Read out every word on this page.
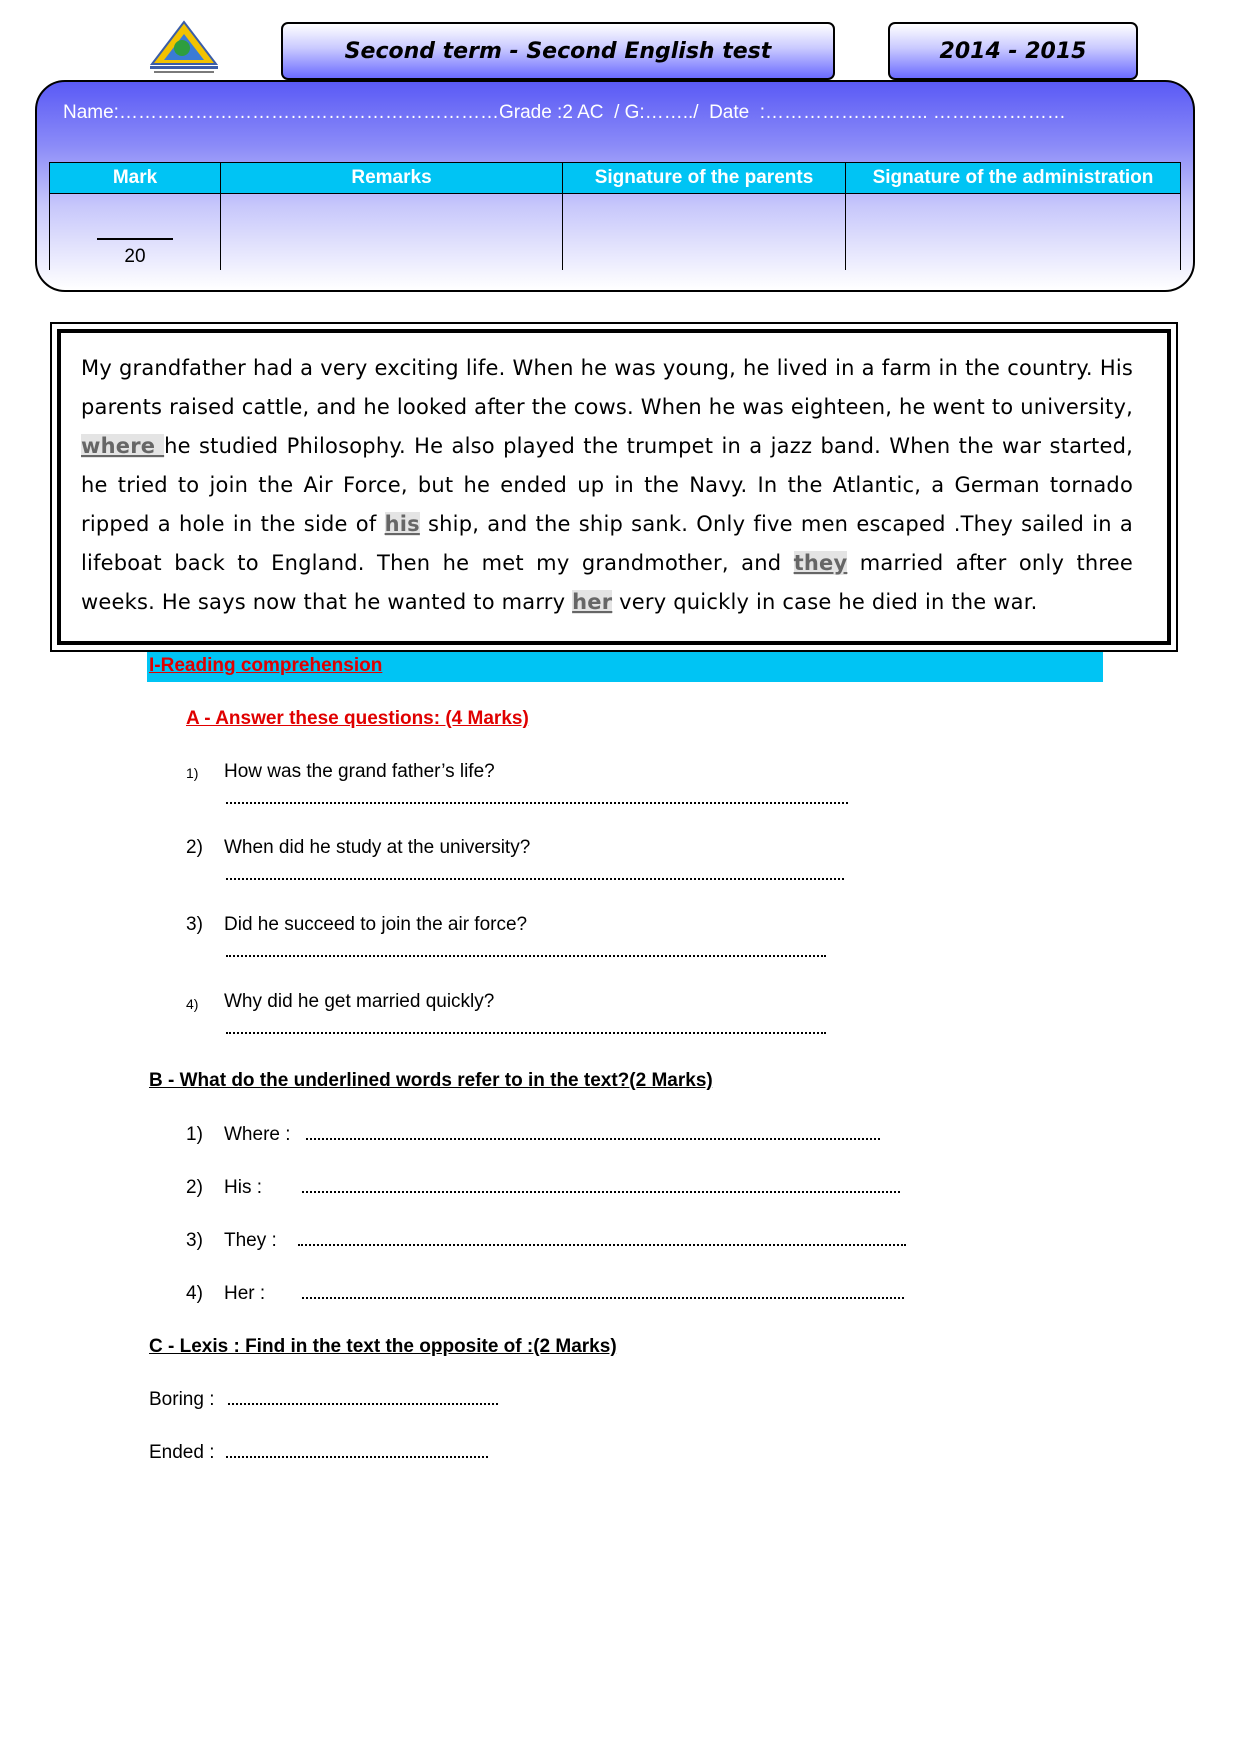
Second term - Second English test	2014 - 2015
Name:……………………………………………………Grade :2 AC  / G:……../  Date  :…………………….. …………………
Mark	Remarks	Signature of the parents	Signature of the administration

20			

My grandfather had a very exciting life. When he was young, he lived in a farm in the country. His parents raised cattle, and he looked after the cows. When he was eighteen, he went to university, where he studied Philosophy. He also played the trumpet in a jazz band. When the war started, he tried to join the Air Force, but he ended up in the Navy. In the Atlantic, a German tornado ripped a hole in the side of his ship, and the ship sank. Only five men escaped .They sailed in a lifeboat back to England. Then he met my grandmother, and they married after only three weeks. He says now that he wanted to marry her very quickly in case he died in the war.

I-Reading comprehension
A - Answer these questions: (4 Marks)
1) How was the grand father’s life?
2) When did he study at the university?
3) Did he succeed to join the air force?
4) Why did he get married quickly?
B - What do the underlined words refer to in the text?(2 Marks)
1) Where :
2) His :
3) They :
4) Her :
C - Lexis : Find in the text the opposite of :(2 Marks)
Boring :
Ended :
